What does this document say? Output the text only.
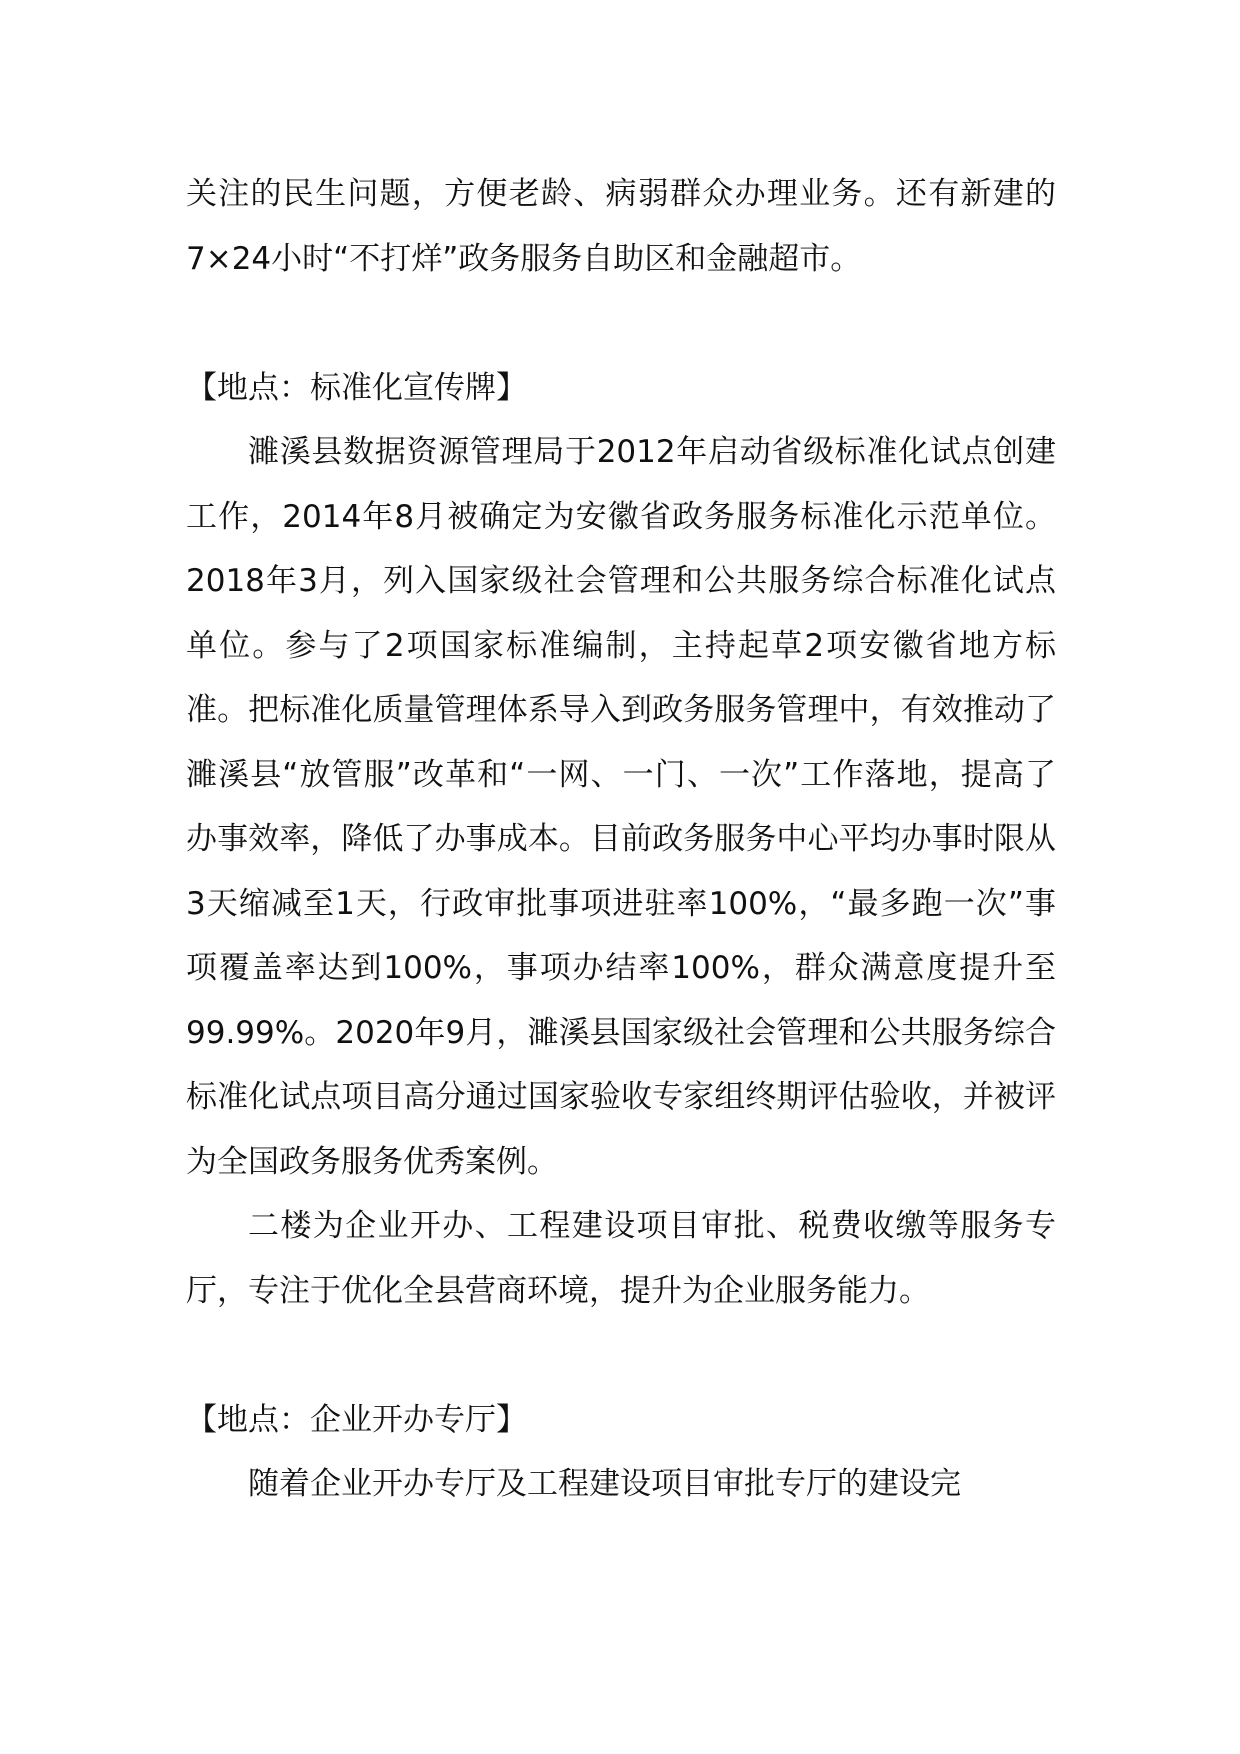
关注的民生问题，方便老龄、病弱群众办理业务。还有新建的7×24小时“不打烊”政务服务自助区和金融超市。

【地点：标准化宣传牌】

濉溪县数据资源管理局于2012年启动省级标准化试点创建工作，2014年8月被确定为安徽省政务服务标准化示范单位。2018年3月，列入国家级社会管理和公共服务综合标准化试点单位。参与了2项国家标准编制，主持起草2项安徽省地方标准。把标准化质量管理体系导入到政务服务管理中，有效推动了濉溪县“放管服”改革和“一网、一门、一次”工作落地，提高了办事效率，降低了办事成本。目前政务服务中心平均办事时限从3天缩减至1天，行政审批事项进驻率100%，“最多跑一次”事项覆盖率达到100%，事项办结率100%，群众满意度提升至99.99%。2020年9月，濉溪县国家级社会管理和公共服务综合标准化试点项目高分通过国家验收专家组终期评估验收，并被评为全国政务服务优秀案例。

二楼为企业开办、工程建设项目审批、税费收缴等服务专厅，专注于优化全县营商环境，提升为企业服务能力。

【地点：企业开办专厅】

随着企业开办专厅及工程建设项目审批专厅的建设完
